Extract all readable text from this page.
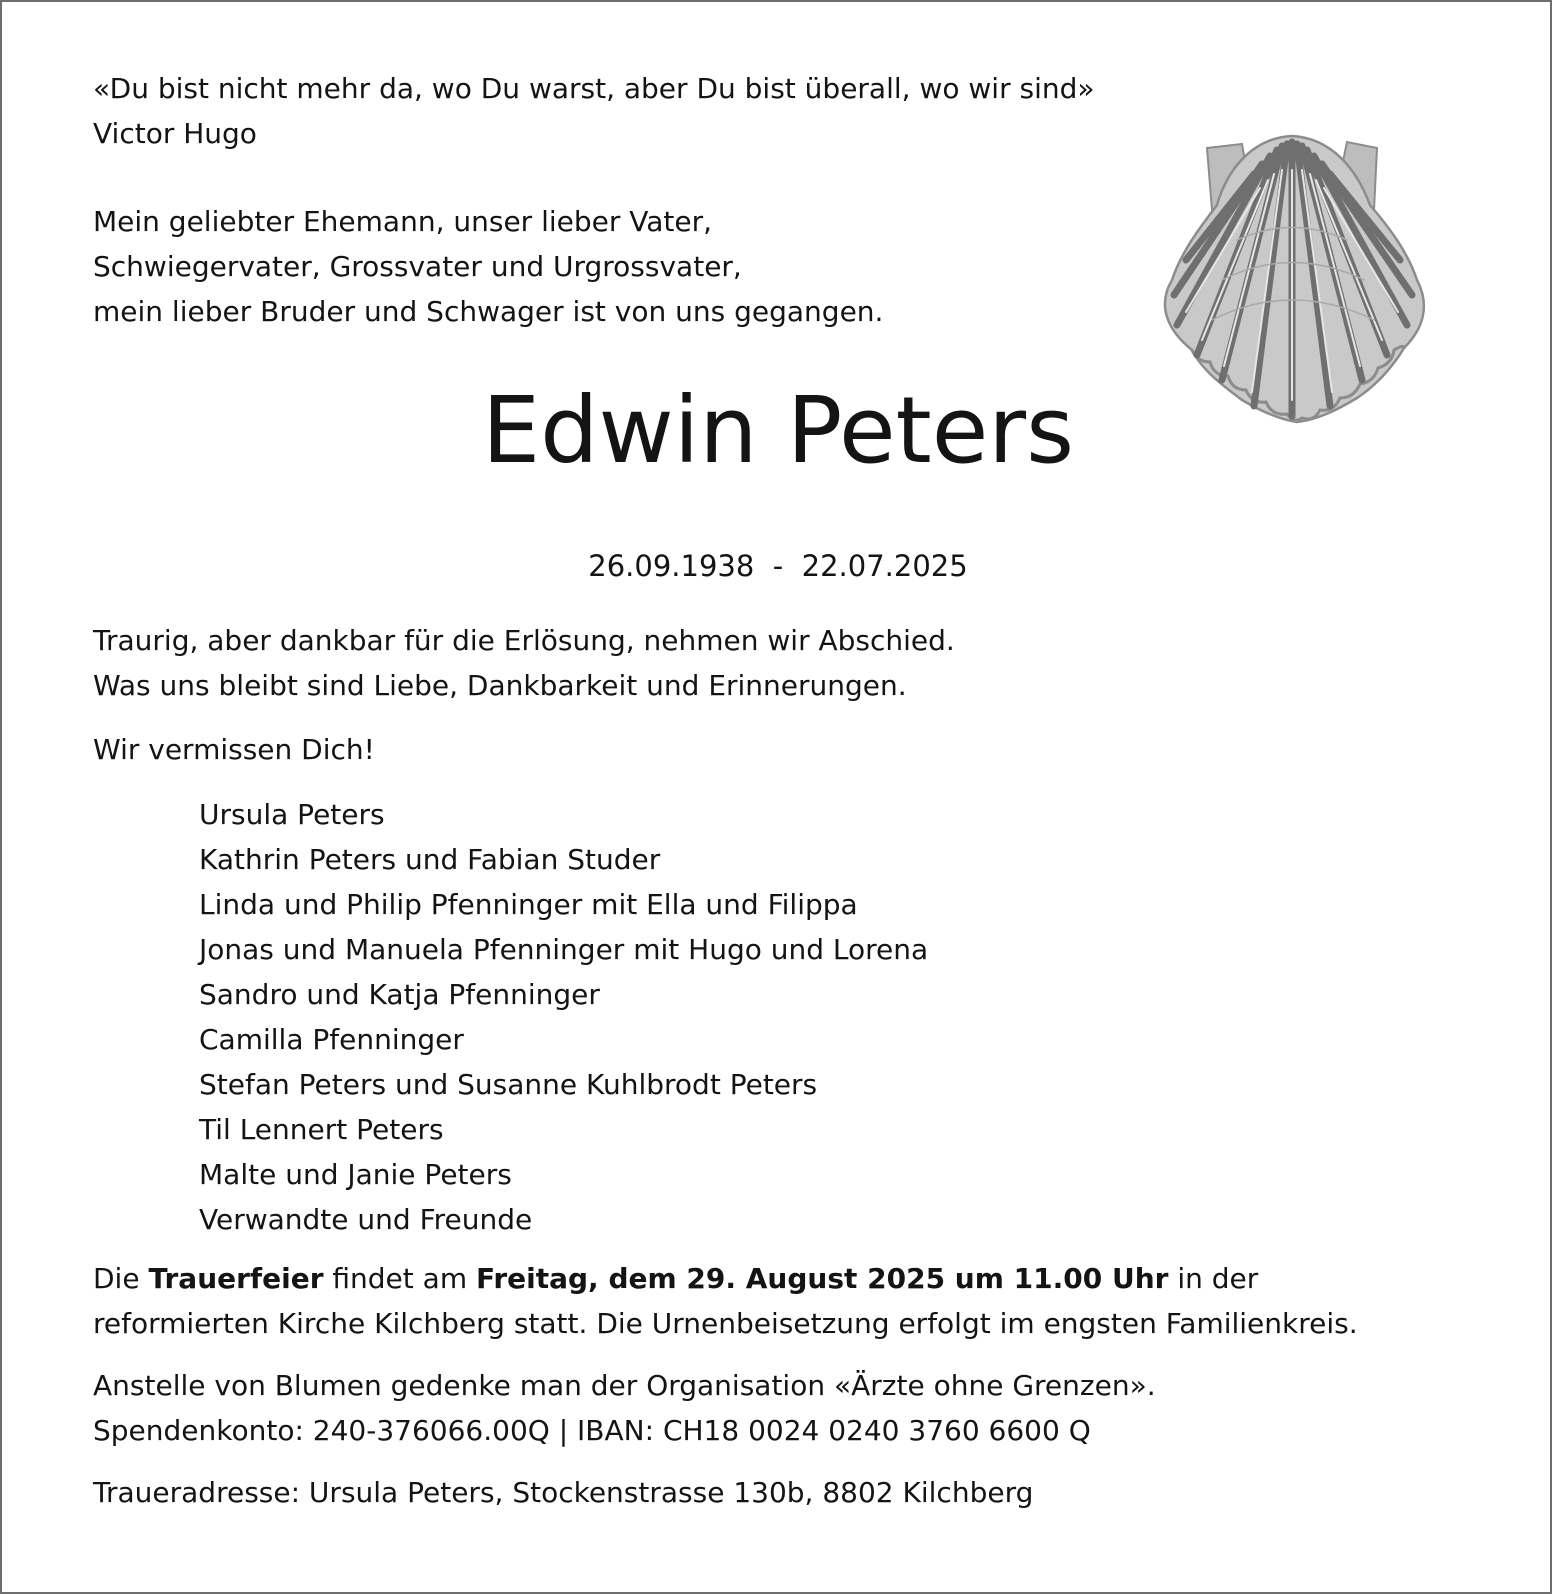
«Du bist nicht mehr da, wo Du warst, aber Du bist überall, wo wir sind»

Victor Hugo

Mein geliebter Ehemann, unser lieber Vater,

Schwiegervater, Grossvater und Urgrossvater,

mein lieber Bruder und Schwager ist von uns gegangen.

Edwin Peters
26.09.1938  -  22.07.2025

Traurig, aber dankbar für die Erlösung, nehmen wir Abschied.

Was uns bleibt sind Liebe, Dankbarkeit und Erinnerungen.

Wir vermissen Dich!

Ursula Peters

Kathrin Peters und Fabian Studer

Linda und Philip Pfenninger mit Ella und Filippa

Jonas und Manuela Pfenninger mit Hugo und Lorena

Sandro und Katja Pfenninger

Camilla Pfenninger

Stefan Peters und Susanne Kuhlbrodt Peters

Til Lennert Peters

Malte und Janie Peters

Verwandte und Freunde

Die Trauerfeier findet am Freitag, dem 29. August 2025 um 11.00 Uhr in der

reformierten Kirche Kilchberg statt. Die Urnenbeisetzung erfolgt im engsten Familienkreis.

Anstelle von Blumen gedenke man der Organisation «Ärzte ohne Grenzen».

Spendenkonto: 240-376066.00Q | IBAN: CH18 0024 0240 3760 6600 Q

Traueradresse: Ursula Peters, Stockenstrasse 130b, 8802 Kilchberg
